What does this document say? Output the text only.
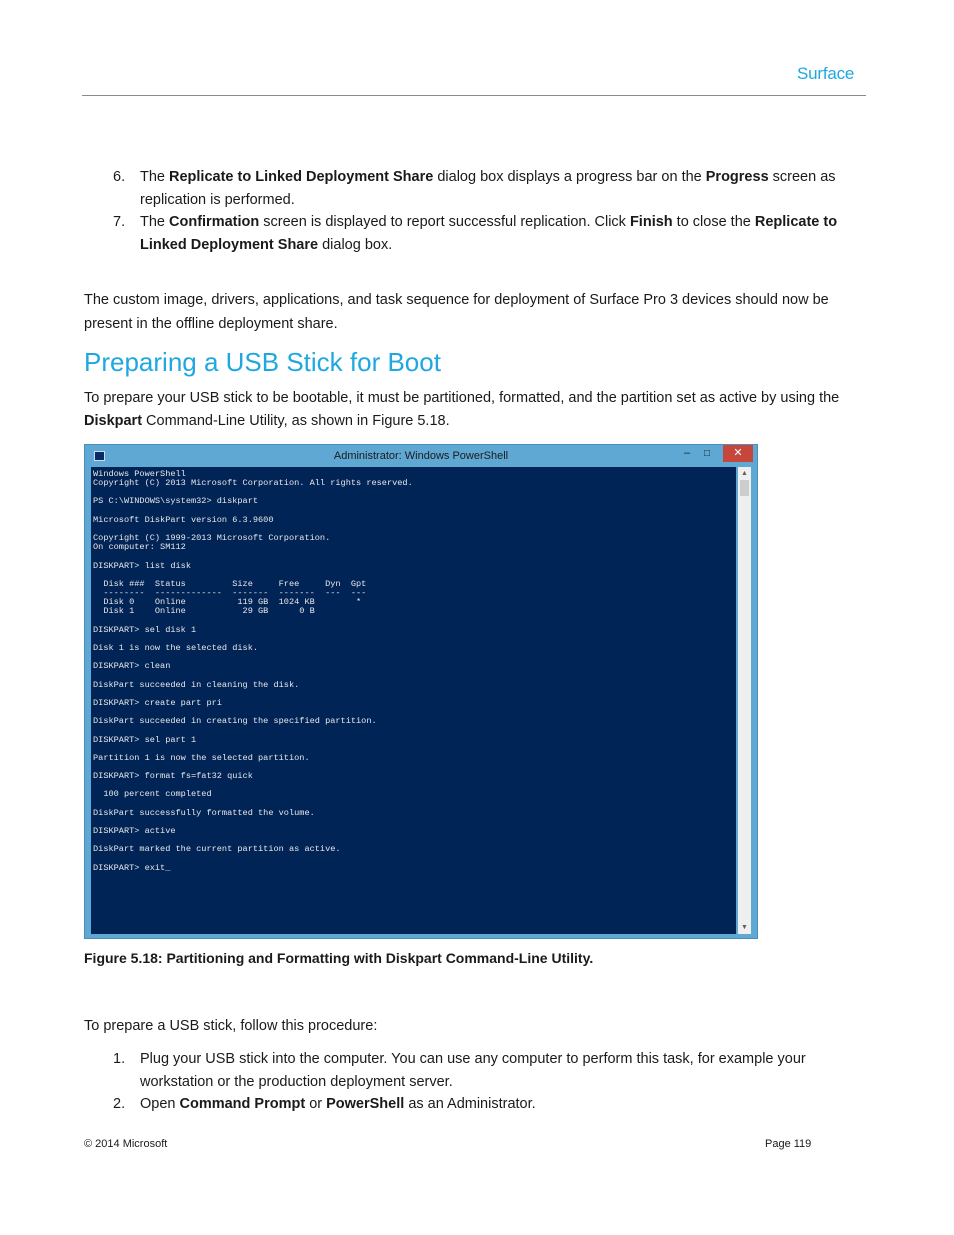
Surface
6.	The Replicate to Linked Deployment Share dialog box displays a progress bar on the Progress screen as
replication is performed.
7.	The Confirmation screen is displayed to report successful replication. Click Finish to close the Replicate to
Linked Deployment Share dialog box.
The custom image, drivers, applications, and task sequence for deployment of Surface Pro 3 devices should now be
present in the offline deployment share.
Preparing a USB Stick for Boot
To prepare your USB stick to be bootable, it must be partitioned, formatted, and the partition set as active by using the
Diskpart Command-Line Utility, as shown in Figure 5.18.
Administrator: Windows PowerShell	–	□	✕
Windows PowerShell
Copyright (C) 2013 Microsoft Corporation. All rights reserved.

PS C:\WINDOWS\system32> diskpart

Microsoft DiskPart version 6.3.9600

Copyright (C) 1999-2013 Microsoft Corporation.
On computer: SM112

DISKPART> list disk

Disk ###  Status         Size     Free     Dyn  Gpt
--------  -------------  -------  -------  ---  ---
Disk 0    Online          119 GB  1024 KB        *
Disk 1    Online           29 GB      0 B

DISKPART> sel disk 1

Disk 1 is now the selected disk.

DISKPART> clean

DiskPart succeeded in cleaning the disk.

DISKPART> create part pri

DiskPart succeeded in creating the specified partition.

DISKPART> sel part 1

Partition 1 is now the selected partition.

DISKPART> format fs=fat32 quick

100 percent completed

DiskPart successfully formatted the volume.

DISKPART> active

DiskPart marked the current partition as active.

DISKPART> exit_
▲
▼
Figure 5.18: Partitioning and Formatting with Diskpart Command-Line Utility.
To prepare a USB stick, follow this procedure:
1.	Plug your USB stick into the computer. You can use any computer to perform this task, for example your
workstation or the production deployment server.
2.	Open Command Prompt or PowerShell as an Administrator.
© 2014 Microsoft	Page 119
